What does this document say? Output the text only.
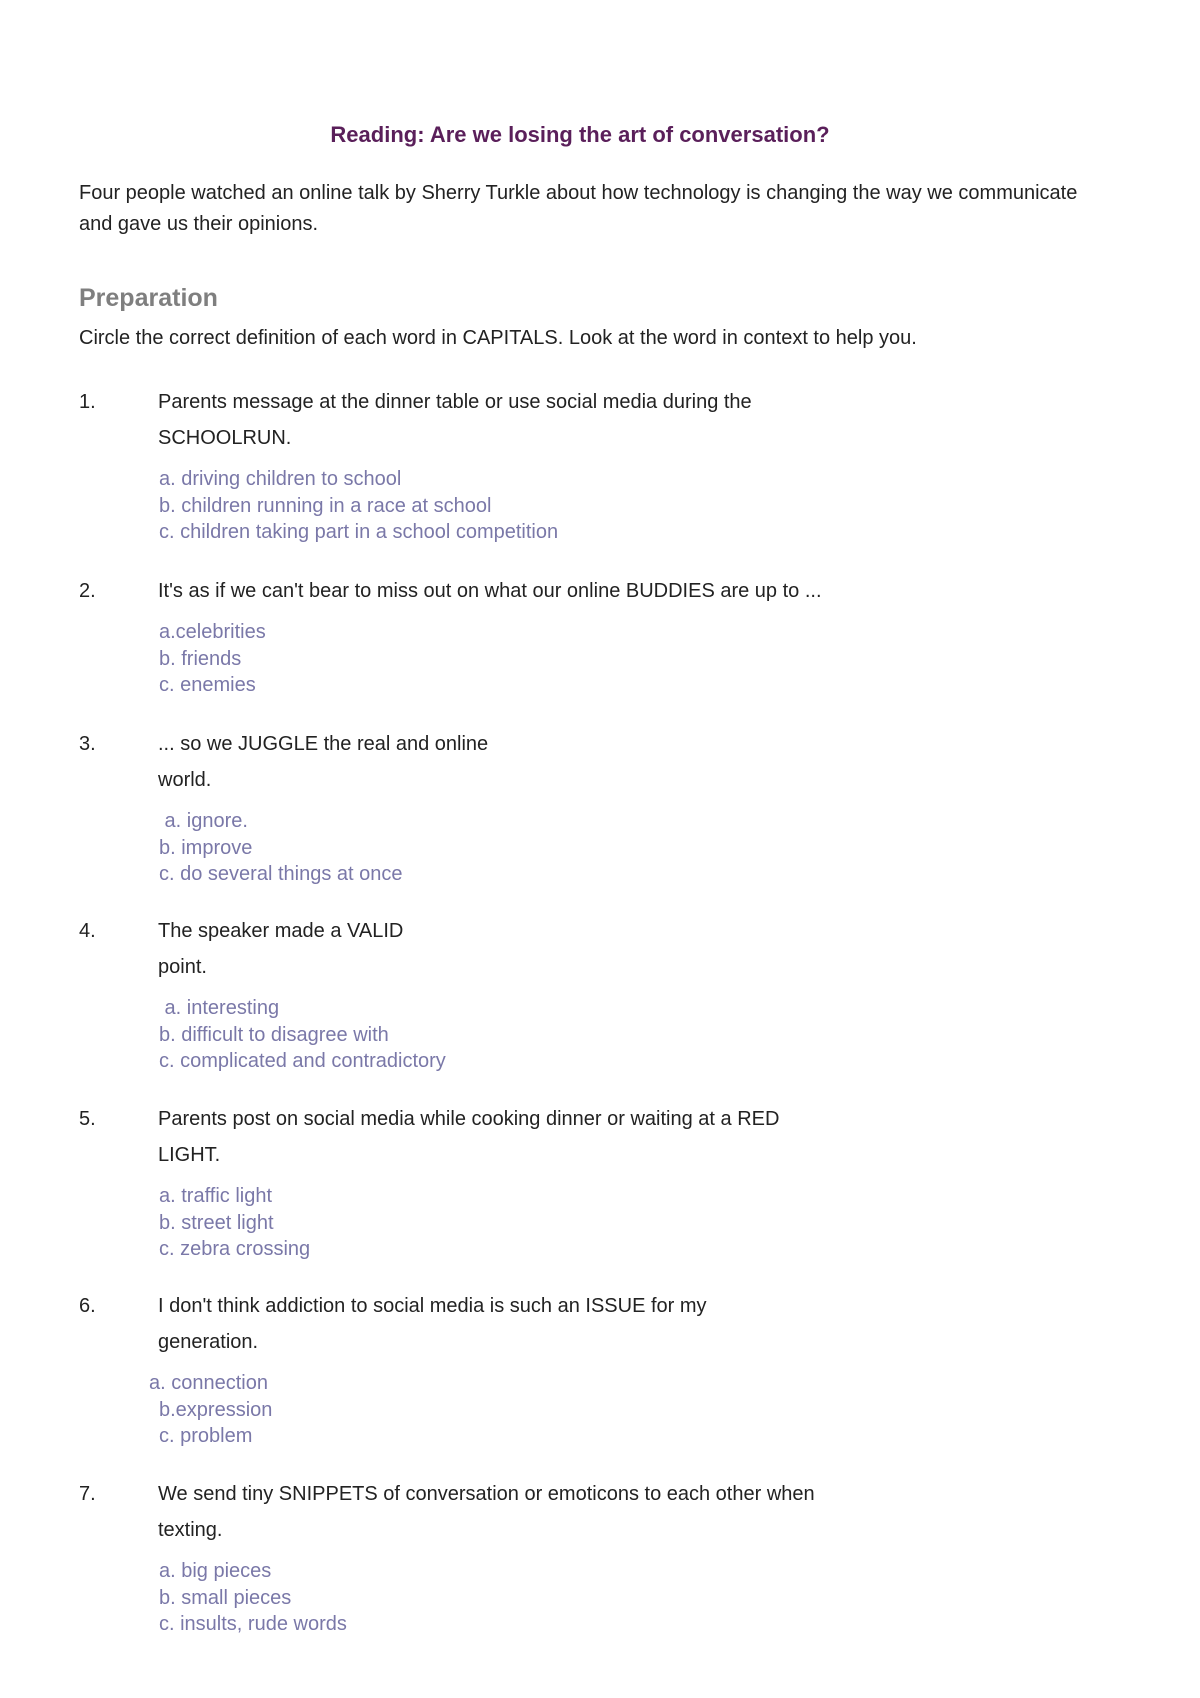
Reading: Are we losing the art of conversation?
Four people watched an online talk by Sherry Turkle about how technology is changing the way we communicate and gave us their opinions.
Preparation
Circle the correct definition of each word in CAPITALS. Look at the word in context to help you.
1.	Parents message at the dinner table or use social media during the
SCHOOLRUN.
a. driving children to school
b. children running in a race at school
c. children taking part in a school competition
2.	It's as if we can't bear to miss out on what our online BUDDIES are up to ...
a.celebrities
b. friends
c. enemies
3.	... so we JUGGLE the real and online
world.
a. ignore.
b. improve
c. do several things at once
4.	The speaker made a VALID
point.
a. interesting
b. difficult to disagree with
c. complicated and contradictory
5.	Parents post on social media while cooking dinner or waiting at a RED
LIGHT.
a. traffic light
b. street light
c. zebra crossing
6.	I don't think addiction to social media is such an ISSUE for my
generation.
a. connection
b.expression
c. problem
7.	We send tiny SNIPPETS of conversation or emoticons to each other when
texting.
a. big pieces
b. small pieces
c. insults, rude words
